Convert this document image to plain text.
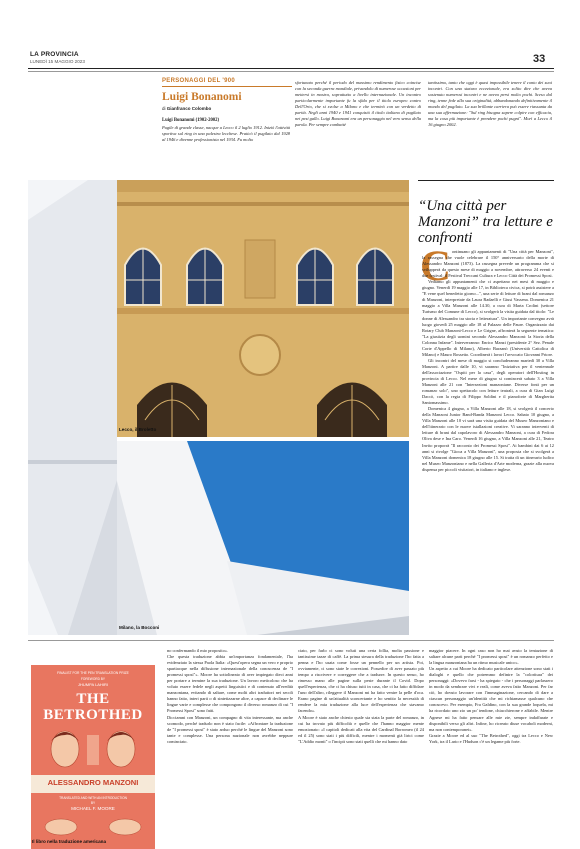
LA PROVINCIA
LUNEDÌ 15 MAGGIO 2023	33
PERSONAGGI DEL '900
Luigi Bonanomi
di Gianfranco Colombo

Luigi Bonanomi (1902-2002)

Pugile di grande classe, nacque a Lecco il 2 luglio 1912. Iniziò l'attività sportiva sul ring in una palestra lecchese. Praticò il pugilato dal 1928 al 1946 e divenne professionista nel 1934. Fu molto

sfortunato perché il periodo del massimo rendimento fisico coincise con la seconda guerra mondiale, privandolo di numerose occasioni per mettersi in mostra, soprattutto a livello internazionale. Un incontro particolarmente importante fu la sfida per il titolo europeo contro Dell'Orto, che si svolse a Milano e che terminò con un verdetto di parità. Negli anni 1940 e 1941 conquistò il titolo italiano di pugilato nei pesi gallo. Luigi Bonanomi era un personaggio nel vero senso della parola. Per sempre combattè

tantissimo, tanto che oggi è quasi impossibile tenere il conto dei suoi incontri. Con una statura eccezionale, era solito dire che aveva sostenuto numerosi incontri e ne aveva persi molto pochi. Sceso dal ring, tenne fede alla sua originalità, abbandonando definitivamente il mondo del pugilato. La sua brillante carriera può essere riassunta da una sua affermazione: "Sul ring bisogna sapere colpire con efficacia, ma la cosa più importante è prendere pochi pugni". Morì a Lecco il 16 giugno 2002.

Lecco, il Broletto
Milano, la Bocconi
“Una città per Manzoni” tra letture e confronti
C ontinuano gli appuntamenti di "Una città per Manzoni", la rassegna che vuole celebrare il 150° anniversario della morte di Alessandro Manzoni (1873). La rassegna prevede un programma che si svilupperà da questo mese di maggio a novembre, attraverso 24 eventi e due festival: il Festival Treccani Cultura e Lecco Città dei Promessi Sposi.

Vediamo gli appuntamenti che ci aspettano nei mesi di maggio e giugno. Venerdì 19 maggio alle 17, in Biblioteca civica, si potrà assistere a "E vene quel benedetto giorno...", una serie di letture di brani dal romanzo di Manzoni, interpretate da Laura Radaelli e Giusi Vassena. Domenica 21 maggio a Villa Manzoni alle 14.30, a cura di Marta Crolini (settore Turismo del Comune di Lecco), si svolgerà la visita guidata dal titolo: "Le donne di Alessandro tra storia e letteratura". Un importante convegno avrà luogo giovedì 25 maggio alle 18 al Palazzo delle Paure. Organizzato dai Rotary Club Manzoni-Lecco e Le Grigne, affronterà la seguente tematica: "La giustizia degli uomini secondo Alessandro Manzoni: la Storia della Colonna Infame". Interverranno: Enrico Manzi (presidente 2° Sez. Penale Corte d'Appello di Milano), Alberto Barzanò (Università Cattolica di Milano) e Mauro Rossetto. Coordinerà i lavori l'avvocato Giovanni Priore.

Gli incontri del mese di maggio si concluderanno martedì 30 a Villa Manzoni. A partire dalle 10, vi saranno "Iniziativa per il ventennale dell'associazione "Ospiti per la casa", degli operatori dell'Hosting in provincia di Lecco. Nel mese di giugno si comincerà sabato 3 a Villa Manzoni alle 21 con "Intersezioni manzoniane. Diverse fonti per un romanzo solo", uno spettacolo con letture teatrali, a cura di Gian Luigi Daccò, con la regia di Filippo Soldini e il pianoforte di Margherita Santomassimo.

Domenica 4 giugno, a Villa Manzoni alle 18, si svolgerà il concerto della Manzoni Junior Band-Banda Manzoni Lecco. Sabato 10 giugno, a Villa Manzoni alle 10 vi sarà una visita guidata del Museo Manzoniano e dell'itinerario con le nuove istallazioni creative. Vi saranno interventi di letture di brani dal capolavoro di Alessandro Manzoni, a cura di Fedora Oliva dese e Ina Caro. Venerdì 16 giugno, a Villa Manzoni alle 21, Teatro Invito proporrà "Il racconto dei Promessi Sposi". Ai bambini dai 6 ai 12 anni si rivolge "Gioca a Villa Manzoni", una proposta che si svolgerà a Villa Manzoni domenica 18 giugno alle 15. Si tratta di un itinerario ludico nel Museo Manzoniano e nella Galleria d'Arte moderna, grazie alla nuova dispensa per piccoli visitatori, in italiano e inglese.

FINALIST FOR THE PEN TRANSLATION PRIZE
FOREWORD BY
JHUMPA LAHIRI
THE BETROTHED
ALESSANDRO MANZONI
TRANSLATED AND WITH AN INTRODUCTION
BY
MICHAEL F. MOORE
Il libro nella traduzione americana

no confermando il mio proposito».
Che questa traduzione abbia un'importanza fondamentale, l'ha evidenziato la stessa Paola Italia: «Quest'opera segna un vero e proprio spartiacque nella diffusione internazionale della conoscenza de "I promessi sposi"». Moore ha sottolineato di aver impiegato dieci anni per portare a termine la sua traduzione. Un lavoro meticoloso che ha voluto essere fedele negli aspetti linguistici e di contenuto all'eredità manzoniana, evitando di saltare, come molti altri traduttori nei secoli hanno fatto, interi parti o di sintetizzarne altre, a capace di declinare le lingue varie e complesse che compongono il diverso romanzo di cui "I Promessi Sposi" sono fatti.
Dicciamni con Manzoni, un compagno di vita interessante, ma anche scomodo, perché tradurlo non è stato facile: «Affrontare la traduzione de "I promessi sposi" è stato arduo perché le lingue del Manzoni sono tante e complesse. Una persona nazionale non avrebbe neppure cominciato.

ciato, per farlo ci sono voluti una certa follia, molta passione e tantissime tazze di caffè. La prima stesura della traduzione l'ho fatta a penna e l'ho usata come fosse un pennello per un artista. Poi, ovviamente, ci sono state le correzioni. Possedire di aver passato più tempo a riscrivere e correggere che a tradurre. In questo senso, ho rimesso mano alle pagine sulla peste durante il Covid. Dopo quell'esperienza, che ci ha chiuso tutti in casa, che ci ha fatto diffidare l'uno dell'altro, rileggere il Manzoni mi ha fatto venire la pelle d'oca. Erano pagine di un'attualità sconcertante e ho sentito la necessità di rendere la mia traduzione alla luce dell'esperienza che stavamo facendo».
A Moore è stato anche chiesto quale sia stata la parte del romanzo, in cui ha trovato più difficoltà e quelle che l'hanno maggior mente emozionato: «I capitoli dedicati alla vita del Cardinal Borromeo (il 24 ed il 25) sono stati i più difficili, mentre i momenti già lirici come "L'Addio monti" o l'incipit sono stati quelli che mi hanno dato

maggior piacere. In ogni caso non ho mai avuto la tentazione di saltare alcune parti perché "I promessi sposi" è un romanzo perfetto e la lingua manzoniana ha un ritmo musicale unico».
Un aspetto a cui Moore ha dedicato particolare attenzione sono stati i dialoghi e quello che potremmo definire la "coloritura" dei personaggi: «Dovevo farsi - ha spiegato - che i personaggi parlassero in modo da sembrare vivi e reali, come aveva fatto Manzoni. Per far ciò, ho dovuto lavorare con l'immaginazione, cercando di dare a ciascun personaggio un'identità che mi richiamasse qualcuno che conoscevo. Per esempio, Fra Galdino, con la sua grande loquela, mi ha ricordato uno zio un po' tendone, chiacchierone e affabile. Mentre Agnese mi ha fatto pensare alle mie zie, sempre indaffarate e disponibili verso gli altri. Infine, ho ricreato diuse vocaboli moderni, ma non contemporanei».
Grazie a Moore ed al suo "The Betrothed", oggi tra Lecco e New York, tra il Lario e l'Hudson c'è un legame più forte.
